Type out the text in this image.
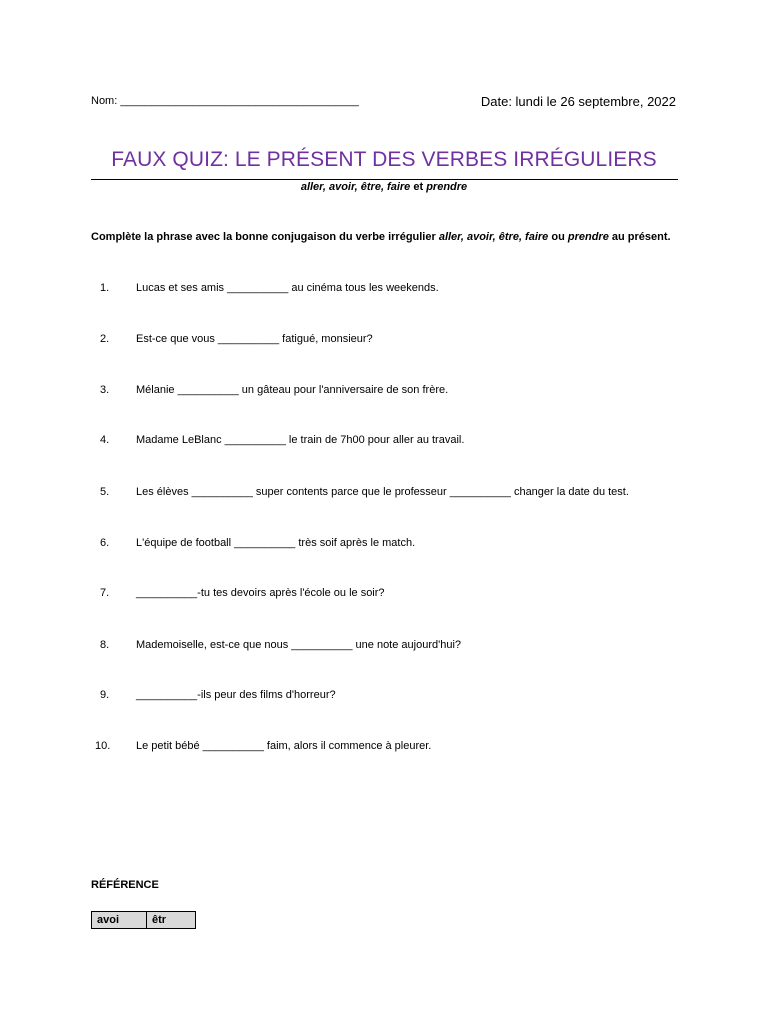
Nom: _______________________________________	Date: lundi le 26 septembre, 2022
FAUX QUIZ: LE PRÉSENT DES VERBES IRRÉGULIERS
aller, avoir, être, faire et prendre
Complète la phrase avec la bonne conjugaison du verbe irrégulier aller, avoir, être, faire ou prendre au présent.
1. Lucas et ses amis __________ au cinéma tous les weekends.
2. Est-ce que vous __________ fatigué, monsieur?
3. Mélanie __________ un gâteau pour l'anniversaire de son frère.
4. Madame LeBlanc __________ le train de 7h00 pour aller au travail.
5. Les élèves __________ super contents parce que le professeur __________ changer la date du test.
6. L'équipe de football __________ très soif après le match.
7. __________-tu tes devoirs après l'école ou le soir?
8. Mademoiselle, est-ce que nous __________ une note aujourd'hui?
9. __________-ils peur des films d'horreur?
10. Le petit bébé __________ faim, alors il commence à pleurer.
RÉFÉRENCE
avoi	êtr
